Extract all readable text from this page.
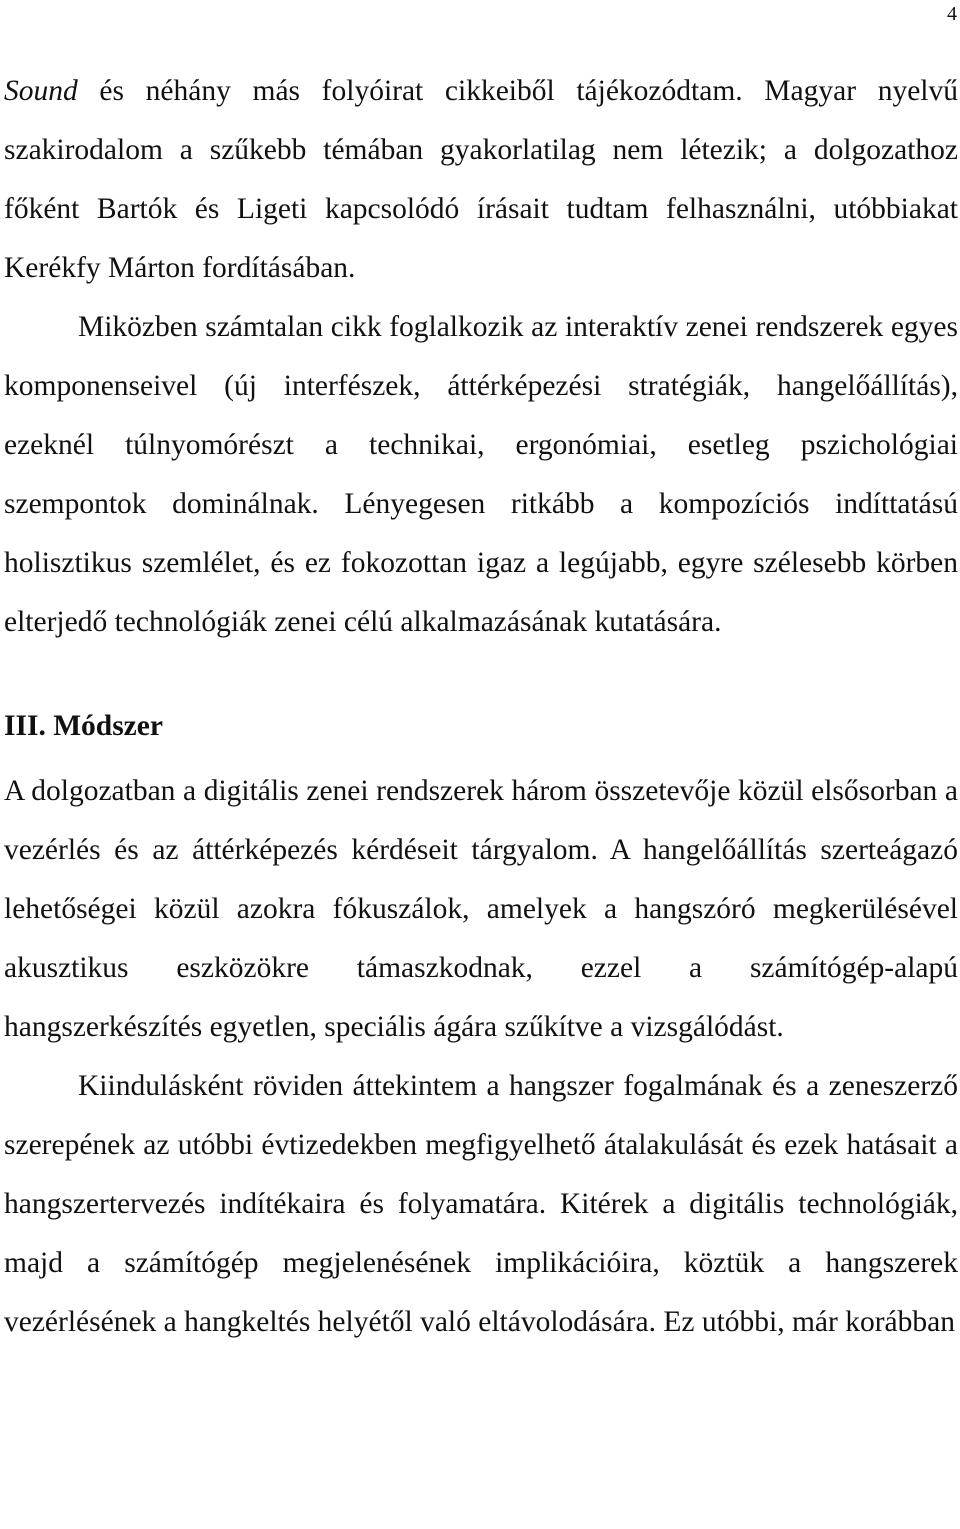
4

Sound és néhány más folyóirat cikkeiből tájékozódtam. Magyar nyelvű szakirodalom a szűkebb témában gyakorlatilag nem létezik; a dolgozathoz főként Bartók és Ligeti kapcsolódó írásait tudtam felhasználni, utóbbiakat Kerékfy Márton fordításában.

Miközben számtalan cikk foglalkozik az interaktív zenei rendszerek egyes komponenseivel (új interfészek, áttérképezési stratégiák, hangelőállítás), ezeknél túlnyomórészt a technikai, ergonómiai, esetleg pszichológiai szempontok dominálnak. Lényegesen ritkább a kompozíciós indíttatású holisztikus szemlélet, és ez fokozottan igaz a legújabb, egyre szélesebb körben elterjedő technológiák zenei célú alkalmazásának kutatására.

III. Módszer

A dolgozatban a digitális zenei rendszerek három összetevője közül elsősorban a vezérlés és az áttérképezés kérdéseit tárgyalom. A hangelőállítás szerteágazó lehetőségei közül azokra fókuszálok, amelyek a hangszóró megkerülésével akusztikus eszközökre támaszkodnak, ezzel a számítógép-alapú hangszerkészítés egyetlen, speciális ágára szűkítve a vizsgálódást.

Kiindulásként röviden áttekintem a hangszer fogalmának és a zeneszerző szerepének az utóbbi évtizedekben megfigyelhető átalakulását és ezek hatásait a hangszertervezés indítékaira és folyamatára. Kitérek a digitális technológiák, majd a számítógép megjelenésének implikációira, köztük a hangszerek vezérlésének a hangkeltés helyétől való eltávolodására. Ez utóbbi, már korábban
